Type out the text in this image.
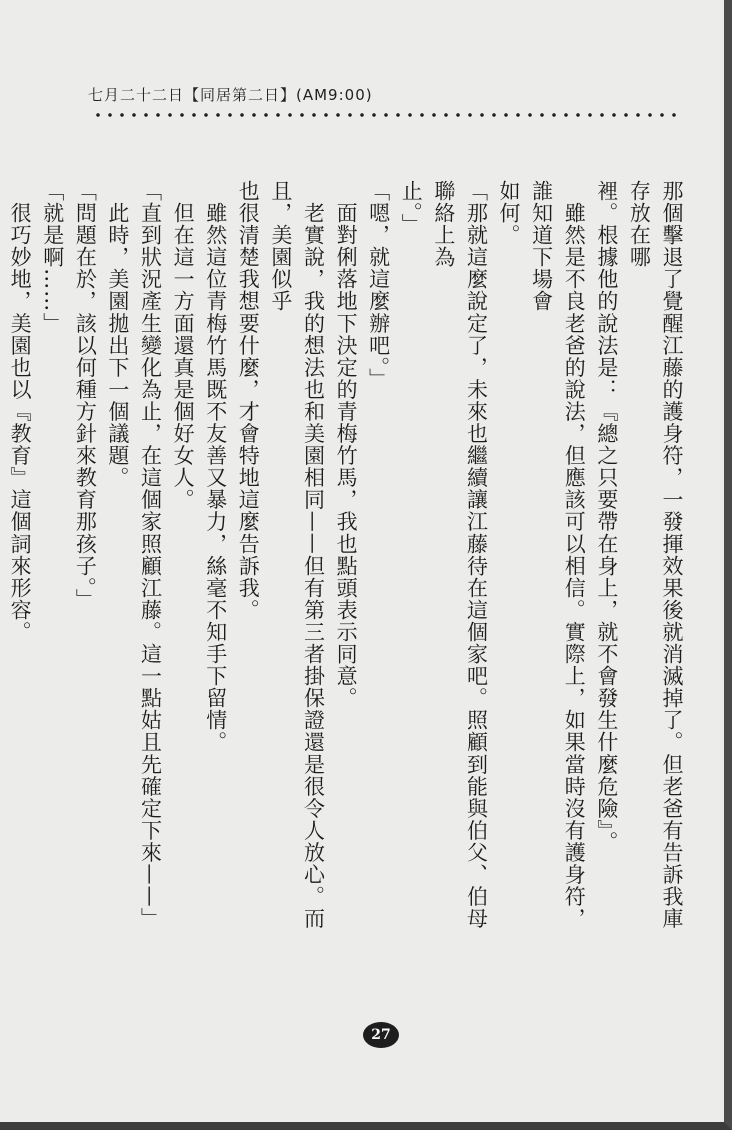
七月二十二日【同居第二日】(AM9:00)

那個擊退了覺醒江藤的護身符，一發揮效果後就消滅掉了。但老爸有告訴我庫存放在哪

裡。根據他的說法是：『總之只要帶在身上，就不會發生什麼危險』。

　雖然是不良老爸的說法，但應該可以相信。實際上，如果當時沒有護身符，誰知道下場會

如何。

「那就這麼說定了，未來也繼續讓江藤待在這個家吧。照顧到能與伯父、伯母聯絡上為

止。」

「嗯，就這麼辦吧。」

　面對俐落地下決定的青梅竹馬，我也點頭表示同意。

　老實說，我的想法也和美園相同——但有第三者掛保證還是很令人放心。而且，美園似乎

也很清楚我想要什麼，才會特地這麼告訴我。

　雖然這位青梅竹馬既不友善又暴力，絲毫不知手下留情。

　但在這一方面還真是個好女人。

「直到狀況產生變化為止，在這個家照顧江藤。這一點姑且先確定下來——」

　此時，美園拋出下一個議題。

「問題在於，該以何種方針來教育那孩子。」

「就是啊……」

　很巧妙地，美園也以『教育』這個詞來形容。

27
